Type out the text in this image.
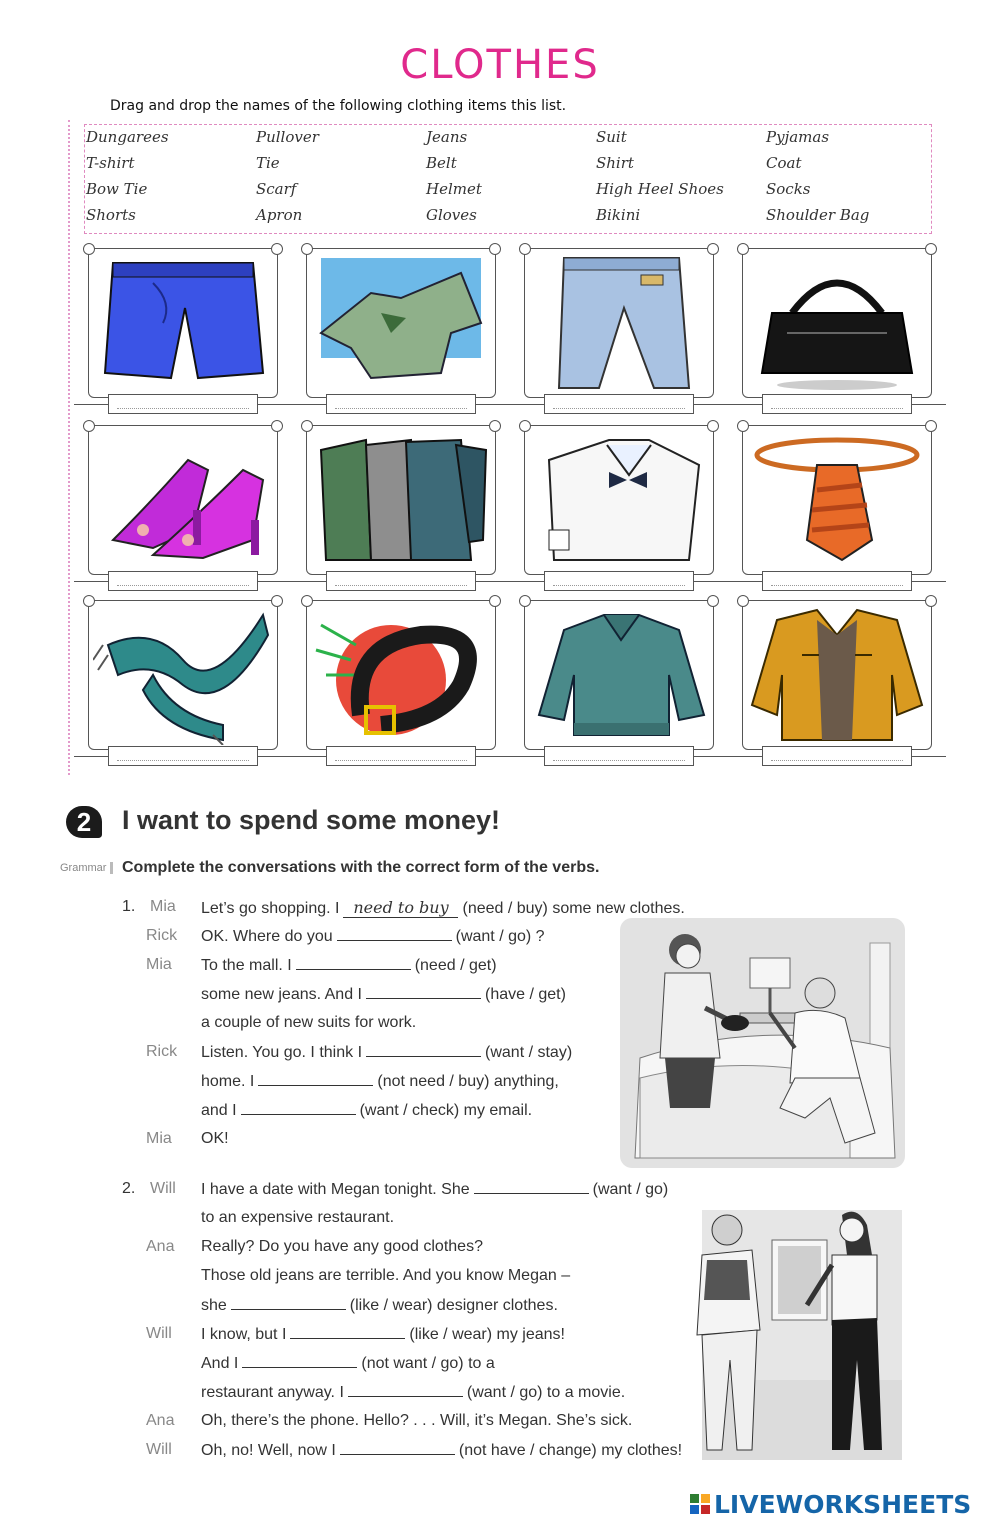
CLOTHES
Drag and drop the names of the following clothing items this list.
Dungarees	Pullover	Jeans	Suit	Pyjamas
T-shirt	Tie	Belt	Shirt	Coat
Bow Tie	Scarf	Helmet	High Heel Shoes	Socks
Shorts	Apron	Gloves	Bikini	Shoulder Bag
2	I want to spend some money!
Grammar Complete the conversations with the correct form of the verbs.
1. Mia Let’s go shopping. I need to buy (need / buy) some new clothes.
Rick OK. Where do you	(want / go) ?
Mia To the mall. I	(need / get)
some new jeans. And I	(have / get)
a couple of new suits for work.
Rick Listen. You go. I think I	(want / stay)
home. I	(not need / buy) anything,
and I	(want / check) my email.
Mia OK!
2. Will I have a date with Megan tonight. She	(want / go)
to an expensive restaurant.
Ana Really? Do you have any good clothes?
Those old jeans are terrible. And you know Megan –
she	(like / wear) designer clothes.
Will I know, but I	(like / wear) my jeans!
And I	(not want / go) to a
restaurant anyway. I	(want / go) to a movie.
Ana Oh, there’s the phone. Hello? . . . Will, it’s Megan. She’s sick.
Will Oh, no! Well, now I	(not have / change) my clothes!
LIVEWORKSHEETS
